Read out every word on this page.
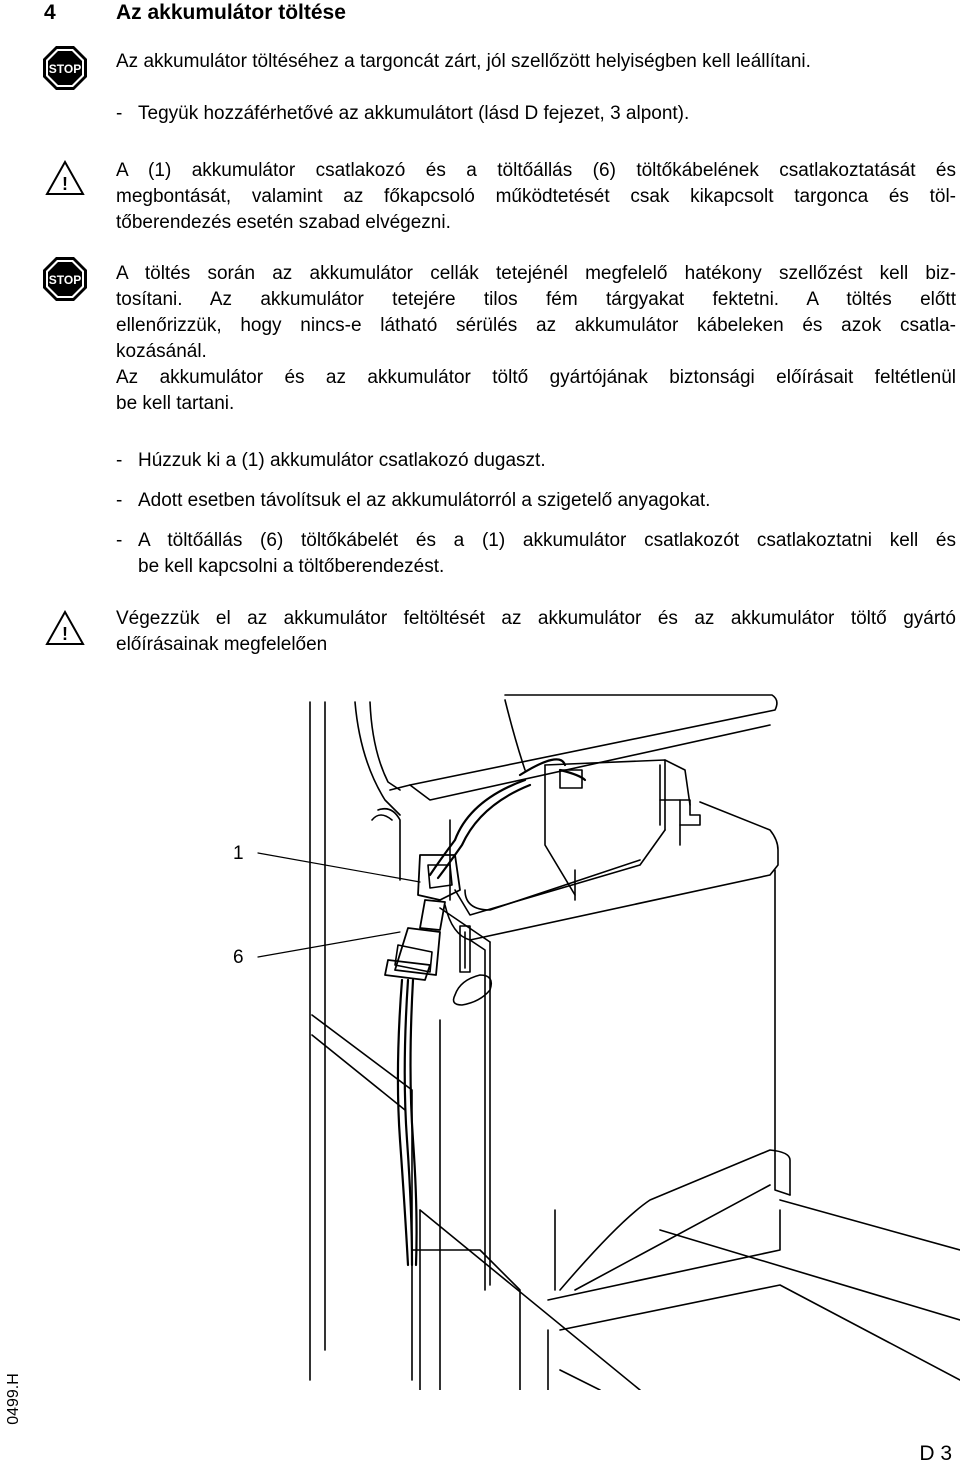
4	Az akkumulátor töltése
STOP Az akkumulátor töltéséhez a targoncát zárt, jól szellőzött helyiségben kell leállítani.
- Tegyük hozzáférhetővé az akkumulátort (lásd D fejezet, 3 alpont).
!
A (1) akkumulátor csatlakozó és a töltőállás (6) töltőkábelének csatlakoztatását és
megbontását, valamint az főkapcsoló működtetését csak kikapcsolt targonca és töl-
tőberendezés esetén szabad elvégezni.
STOP A töltés során az akkumulátor cellák tetejénél megfelelő hatékony szellőzést kell biz-
tosítani. Az akkumulátor tetejére tilos fém tárgyakat fektetni. A töltés előtt
ellenőrizzük, hogy nincs-e látható sérülés az akkumulátor kábeleken és azok csatla-
kozásánál.
Az akkumulátor és az akkumulátor töltő gyártójának biztonsági előírásait feltétlenül
be kell tartani.
- Húzzuk ki a (1) akkumulátor csatlakozó dugaszt.
- Adott esetben távolítsuk el az akkumulátorról a szigetelő anyagokat.
- A töltőállás (6) töltőkábelét és a (1) akkumulátor csatlakozót csatlakoztatni kell és
be kell kapcsolni a töltőberendezést.
!
Végezzük el az akkumulátor feltöltését az akkumulátor és az akkumulátor töltő gyártó
előírásainak megfelelően
1
6
0499.H
D 3
